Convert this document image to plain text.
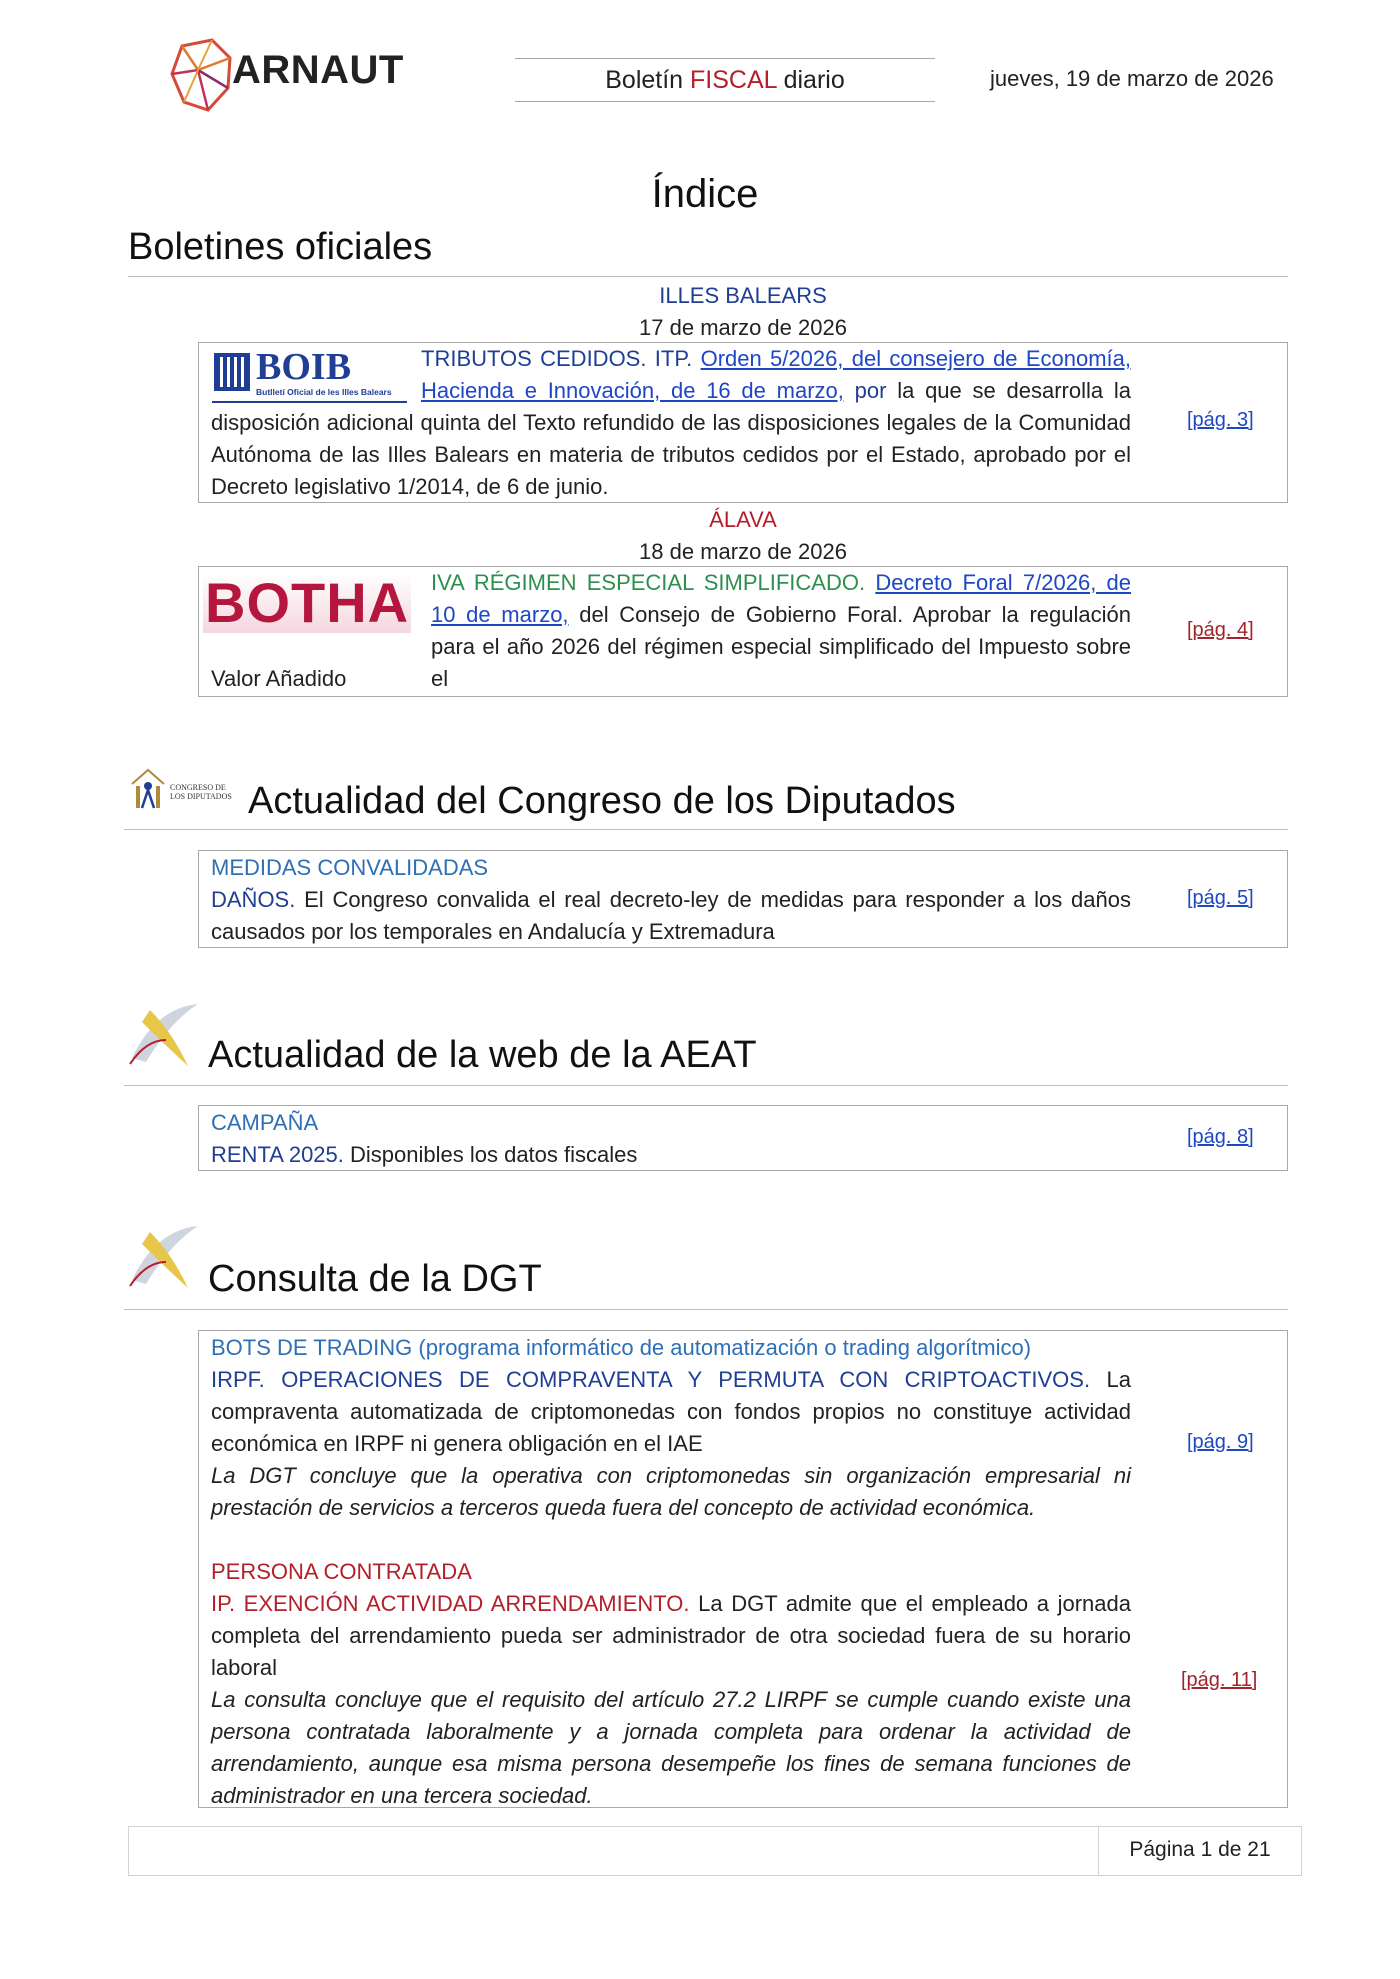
ARNAUT	Boletín FISCAL diario	jueves, 19 de marzo de 2026
Índice
Boletines oficiales
ILLES BALEARS
17 de marzo de 2026
BOIB
Butlletí Oficial de les Illes Balears
TRIBUTOS CEDIDOS. ITP. Orden 5/2026, del consejero de Economía, Hacienda e Innovación, de 16 de marzo, por la que se desarrolla la disposición adicional quinta del Texto refundido de las disposiciones legales de la Comunidad Autónoma de las Illes Balears en materia de tributos cedidos por el Estado, aprobado por el Decreto legislativo 1/2014, de 6 de junio.
[pág. 3]
ÁLAVA
18 de marzo de 2026
BOTHA IVA RÉGIMEN ESPECIAL SIMPLIFICADO. Decreto Foral 7/2026, de 10 de marzo, del Consejo de Gobierno Foral. Aprobar la regulación para el año 2026 del régimen especial simplificado del Impuesto sobre el
Valor Añadido
[pág. 4]
CONGRESO DE
LOS DIPUTADOS Actualidad del Congreso de los Diputados
MEDIDAS CONVALIDADAS
DAÑOS. El Congreso convalida el real decreto-ley de medidas para responder a los daños causados por los temporales en Andalucía y Extremadura
[pág. 5]
Actualidad de la web de la AEAT
CAMPAÑA
RENTA 2025. Disponibles los datos fiscales
[pág. 8]
Consulta de la DGT
BOTS DE TRADING (programa informático de automatización o trading algorítmico)
IRPF. OPERACIONES DE COMPRAVENTA Y PERMUTA CON CRIPTOACTIVOS. La compraventa automatizada de criptomonedas con fondos propios no constituye actividad económica en IRPF ni genera obligación en el IAE
La DGT concluye que la operativa con criptomonedas sin organización empresarial ni prestación de servicios a terceros queda fuera del concepto de actividad económica.
[pág. 9]
PERSONA CONTRATADA
IP. EXENCIÓN ACTIVIDAD ARRENDAMIENTO. La DGT admite que el empleado a jornada completa del arrendamiento pueda ser administrador de otra sociedad fuera de su horario laboral
La consulta concluye que el requisito del artículo 27.2 LIRPF se cumple cuando existe una persona contratada laboralmente y a jornada completa para ordenar la actividad de arrendamiento, aunque esa misma persona desempeñe los fines de semana funciones de administrador en una tercera sociedad.
[pág. 11]
Página 1 de 21
